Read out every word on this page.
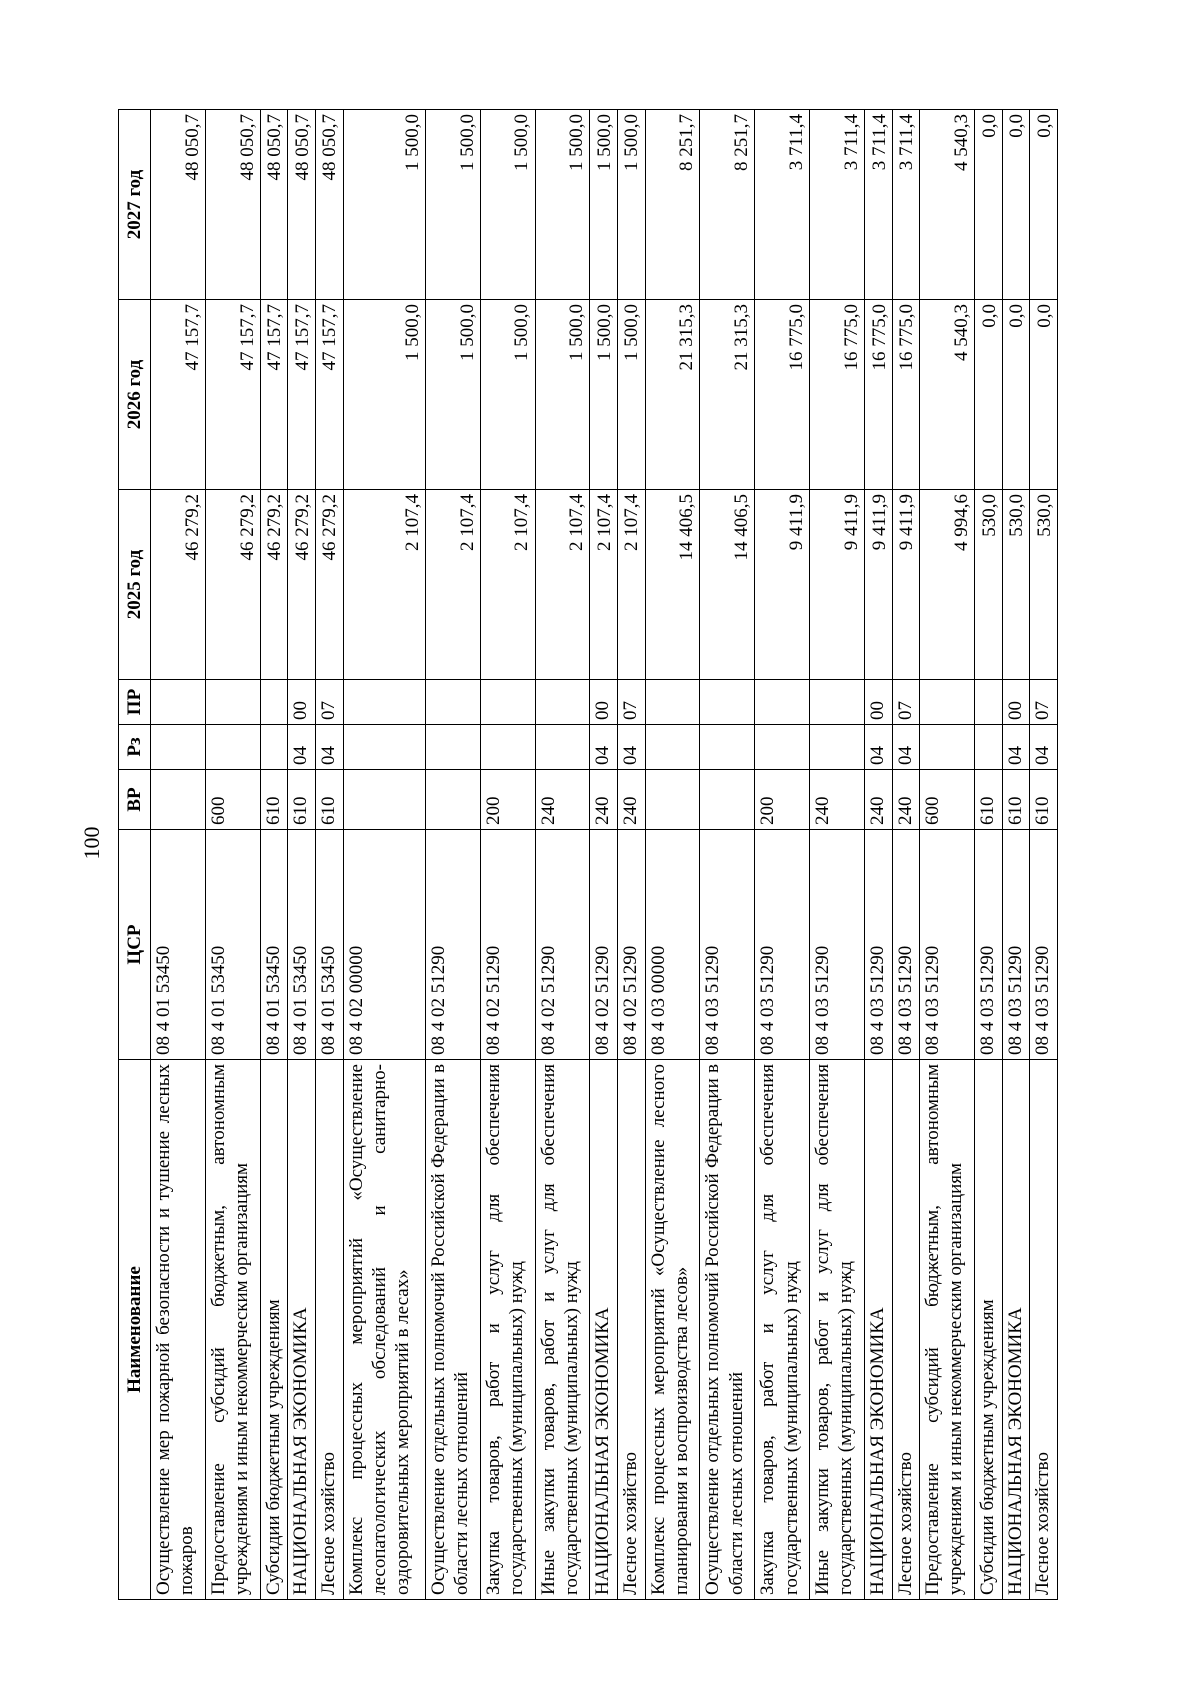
100
Наименование	ЦСР	ВР	Рз	ПР	2025 год	2026 год	2027 год
Осуществление мер пожарной безопасности и тушение лесных пожаров	08 4 01 53450				46 279,2	47 157,7	48 050,7
Предоставление субсидий бюджетным, автономным учреждениям и иным некоммерческим организациям	08 4 01 53450	600			46 279,2	47 157,7	48 050,7
Субсидии бюджетным учреждениям	08 4 01 53450	610			46 279,2	47 157,7	48 050,7
НАЦИОНАЛЬНАЯ ЭКОНОМИКА	08 4 01 53450	610	04	00	46 279,2	47 157,7	48 050,7
Лесное хозяйство	08 4 01 53450	610	04	07	46 279,2	47 157,7	48 050,7
Комплекс процессных мероприятий «Осуществление лесопатологических обследований и санитарно-оздоровительных мероприятий в лесах»	08 4 02 00000				2 107,4	1 500,0	1 500,0
Осуществление отдельных полномочий Российской Федерации в области лесных отношений	08 4 02 51290				2 107,4	1 500,0	1 500,0
Закупка товаров, работ и услуг для обеспечения государственных (муниципальных) нужд	08 4 02 51290	200			2 107,4	1 500,0	1 500,0
Иные закупки товаров, работ и услуг для обеспечения государственных (муниципальных) нужд	08 4 02 51290	240			2 107,4	1 500,0	1 500,0
НАЦИОНАЛЬНАЯ ЭКОНОМИКА	08 4 02 51290	240	04	00	2 107,4	1 500,0	1 500,0
Лесное хозяйство	08 4 02 51290	240	04	07	2 107,4	1 500,0	1 500,0
Комплекс процессных мероприятий «Осуществление лесного планирования и воспроизводства лесов»	08 4 03 00000				14 406,5	21 315,3	8 251,7
Осуществление отдельных полномочий Российской Федерации в области лесных отношений	08 4 03 51290				14 406,5	21 315,3	8 251,7
Закупка товаров, работ и услуг для обеспечения государственных (муниципальных) нужд	08 4 03 51290	200			9 411,9	16 775,0	3 711,4
Иные закупки товаров, работ и услуг для обеспечения государственных (муниципальных) нужд	08 4 03 51290	240			9 411,9	16 775,0	3 711,4
НАЦИОНАЛЬНАЯ ЭКОНОМИКА	08 4 03 51290	240	04	00	9 411,9	16 775,0	3 711,4
Лесное хозяйство	08 4 03 51290	240	04	07	9 411,9	16 775,0	3 711,4
Предоставление субсидий бюджетным, автономным учреждениям и иным некоммерческим организациям	08 4 03 51290	600			4 994,6	4 540,3	4 540,3
Субсидии бюджетным учреждениям	08 4 03 51290	610			530,0	0,0	0,0
НАЦИОНАЛЬНАЯ ЭКОНОМИКА	08 4 03 51290	610	04	00	530,0	0,0	0,0
Лесное хозяйство	08 4 03 51290	610	04	07	530,0	0,0	0,0
